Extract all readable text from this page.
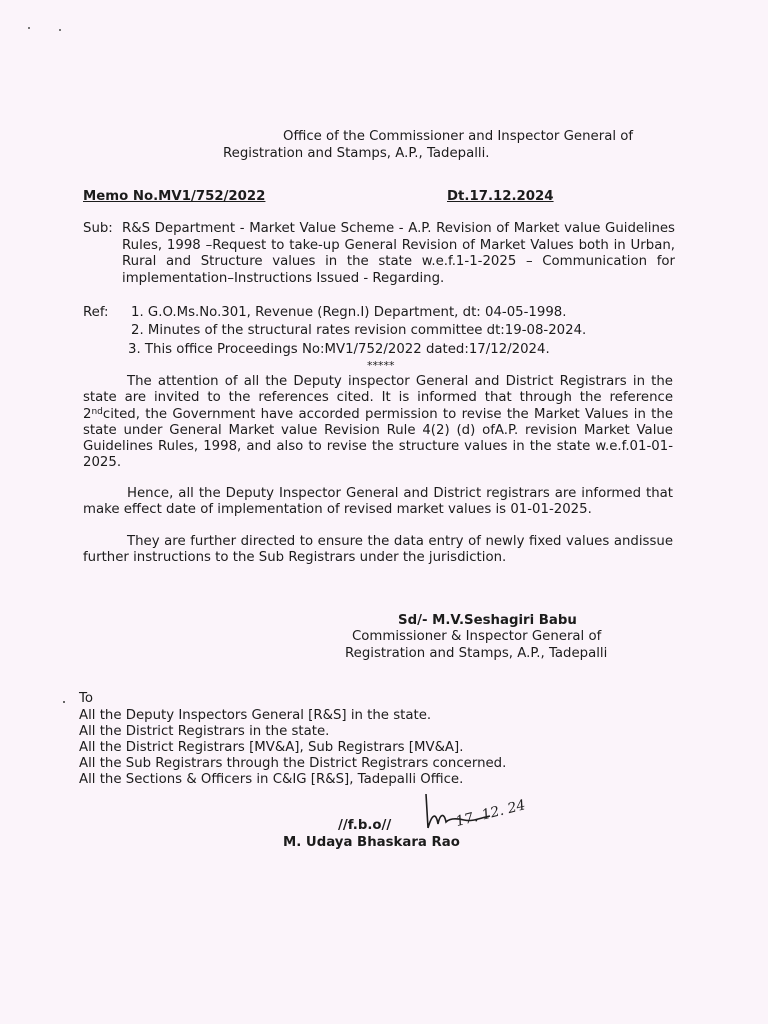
Office of the Commissioner and Inspector General of
Registration and Stamps, A.P., Tadepalli.
Memo No.MV1/752/2022	Dt.17.12.2024
Sub: R&S Department - Market Value Scheme - A.P. Revision of Market value Guidelines Rules, 1998 –Request to take-up General Revision of Market Values both in Urban, Rural and Structure values in the state w.e.f.1-1-2025 – Communication for implementation–Instructions Issued - Regarding.
Ref: 1. G.O.Ms.No.301, Revenue (Regn.I) Department, dt: 04-05-1998.
2. Minutes of the structural rates revision committee dt:19-08-2024.
3. This office Proceedings No:MV1/752/2022 dated:17/12/2024.
*****
The attention of all the Deputy inspector General and District Registrars in the state are invited to the references cited. It is informed that through the reference 2ndcited, the Government have accorded permission to revise the Market Values in the state under General Market value Revision Rule 4(2) (d) ofA.P. revision Market Value Guidelines Rules, 1998, and also to revise the structure values in the state w.e.f.01-01-2025.
Hence, all the Deputy Inspector General and District registrars are informed that make effect date of implementation of revised market values is 01-01-2025.
They are further directed to ensure the data entry of newly fixed values andissue further instructions to the Sub Registrars under the jurisdiction.
Sd/- M.V.Seshagiri Babu
Commissioner & Inspector General of
Registration and Stamps, A.P., Tadepalli
To
All the Deputy Inspectors General [R&S] in the state.
All the District Registrars in the state.
All the District Registrars [MV&A], Sub Registrars [MV&A].
All the Sub Registrars through the District Registrars concerned.
All the Sections & Officers in C&IG [R&S], Tadepalli Office.
//f.b.o//
M. Udaya Bhaskara Rao
17. 12. 24
